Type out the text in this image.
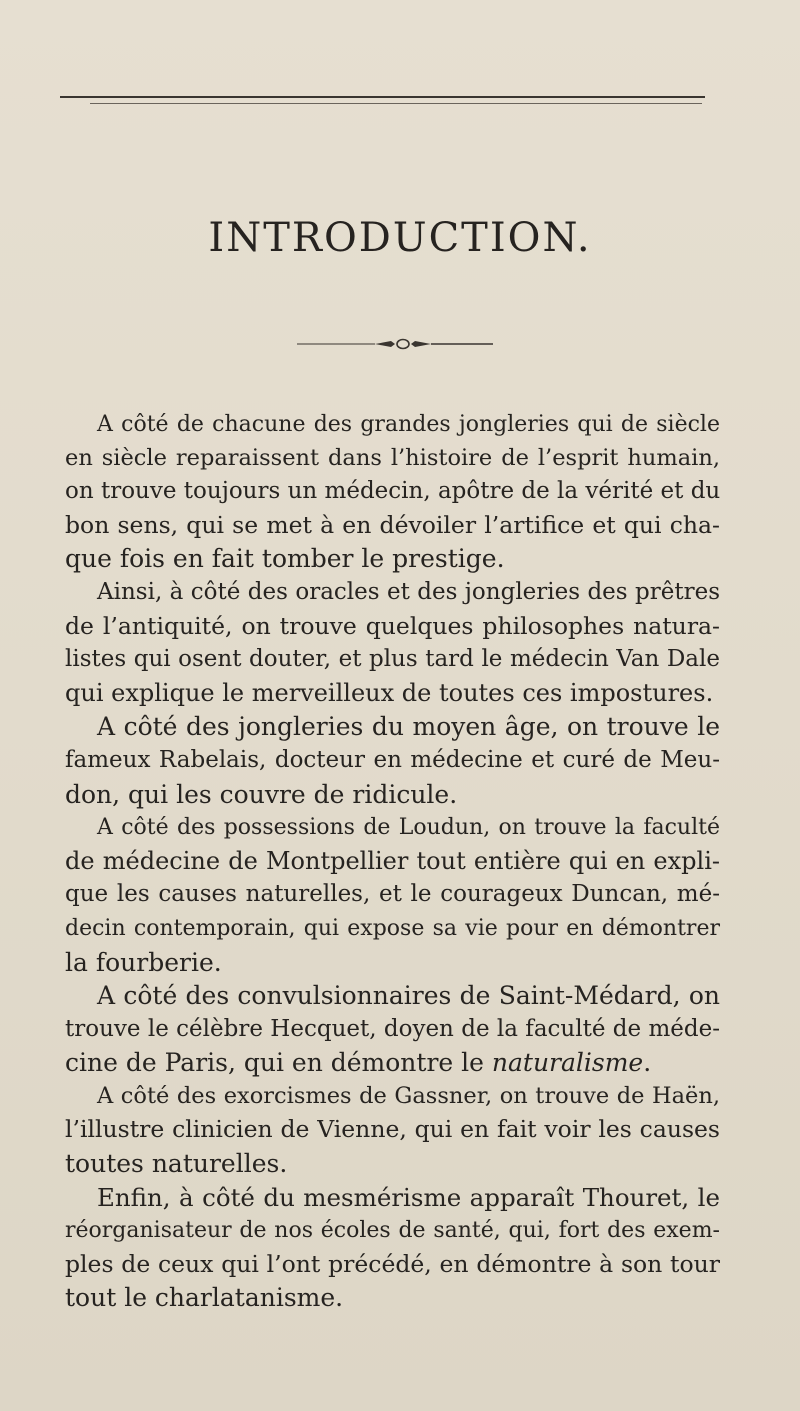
INTRODUCTION.
A côté de chacune des grandes jongleries qui de siècle
en siècle reparaissent dans l’histoire de l’esprit humain,
on trouve toujours un médecin, apôtre de la vérité et du
bon sens, qui se met à en dévoiler l’artifice et qui cha-
que fois en fait tomber le prestige.
Ainsi, à côté des oracles et des jongleries des prêtres
de l’antiquité, on trouve quelques philosophes natura-
listes qui osent douter, et plus tard le médecin Van Dale
qui explique le merveilleux de toutes ces impostures.
A côté des jongleries du moyen âge, on trouve le
fameux Rabelais, docteur en médecine et curé de Meu-
don, qui les couvre de ridicule.
A côté des possessions de Loudun, on trouve la faculté
de médecine de Montpellier tout entière qui en expli-
que les causes naturelles, et le courageux Duncan, mé-
decin contemporain, qui expose sa vie pour en démontrer
la fourberie.
A côté des convulsionnaires de Saint-Médard, on
trouve le célèbre Hecquet, doyen de la faculté de méde-
cine de Paris, qui en démontre le naturalisme.
A côté des exorcismes de Gassner, on trouve de Haën,
l’illustre clinicien de Vienne, qui en fait voir les causes
toutes naturelles.
Enfin, à côté du mesmérisme apparaît Thouret, le
réorganisateur de nos écoles de santé, qui, fort des exem-
ples de ceux qui l’ont précédé, en démontre à son tour
tout le charlatanisme.
